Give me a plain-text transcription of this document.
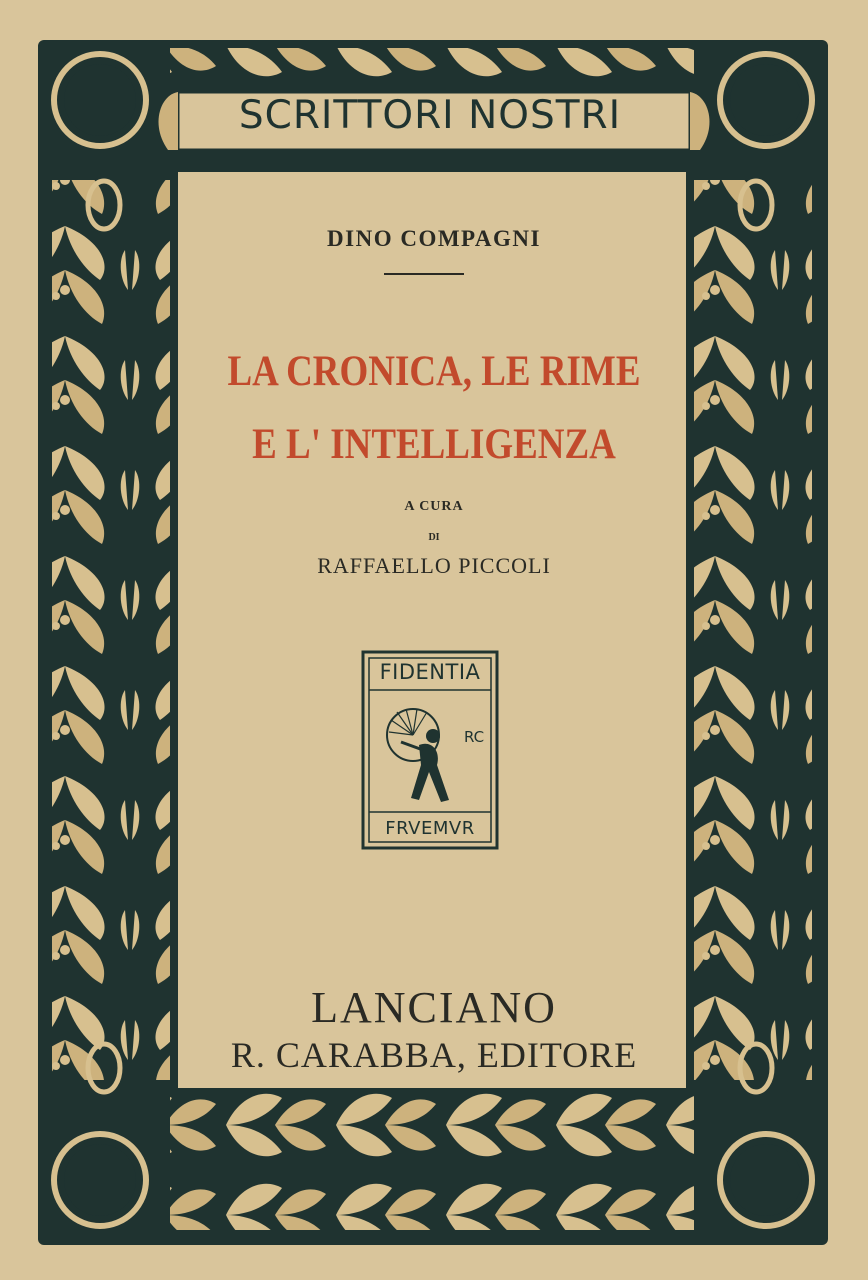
SCRITTORI NOSTRI
DINO COMPAGNI
LA CRONICA, LE RIME
E L' INTELLIGENZA
A CURA
DI
RAFFAELLO PICCOLI
FIDENTIA
RC
FRVEMVR
LANCIANO
R. CARABBA, EDITORE
